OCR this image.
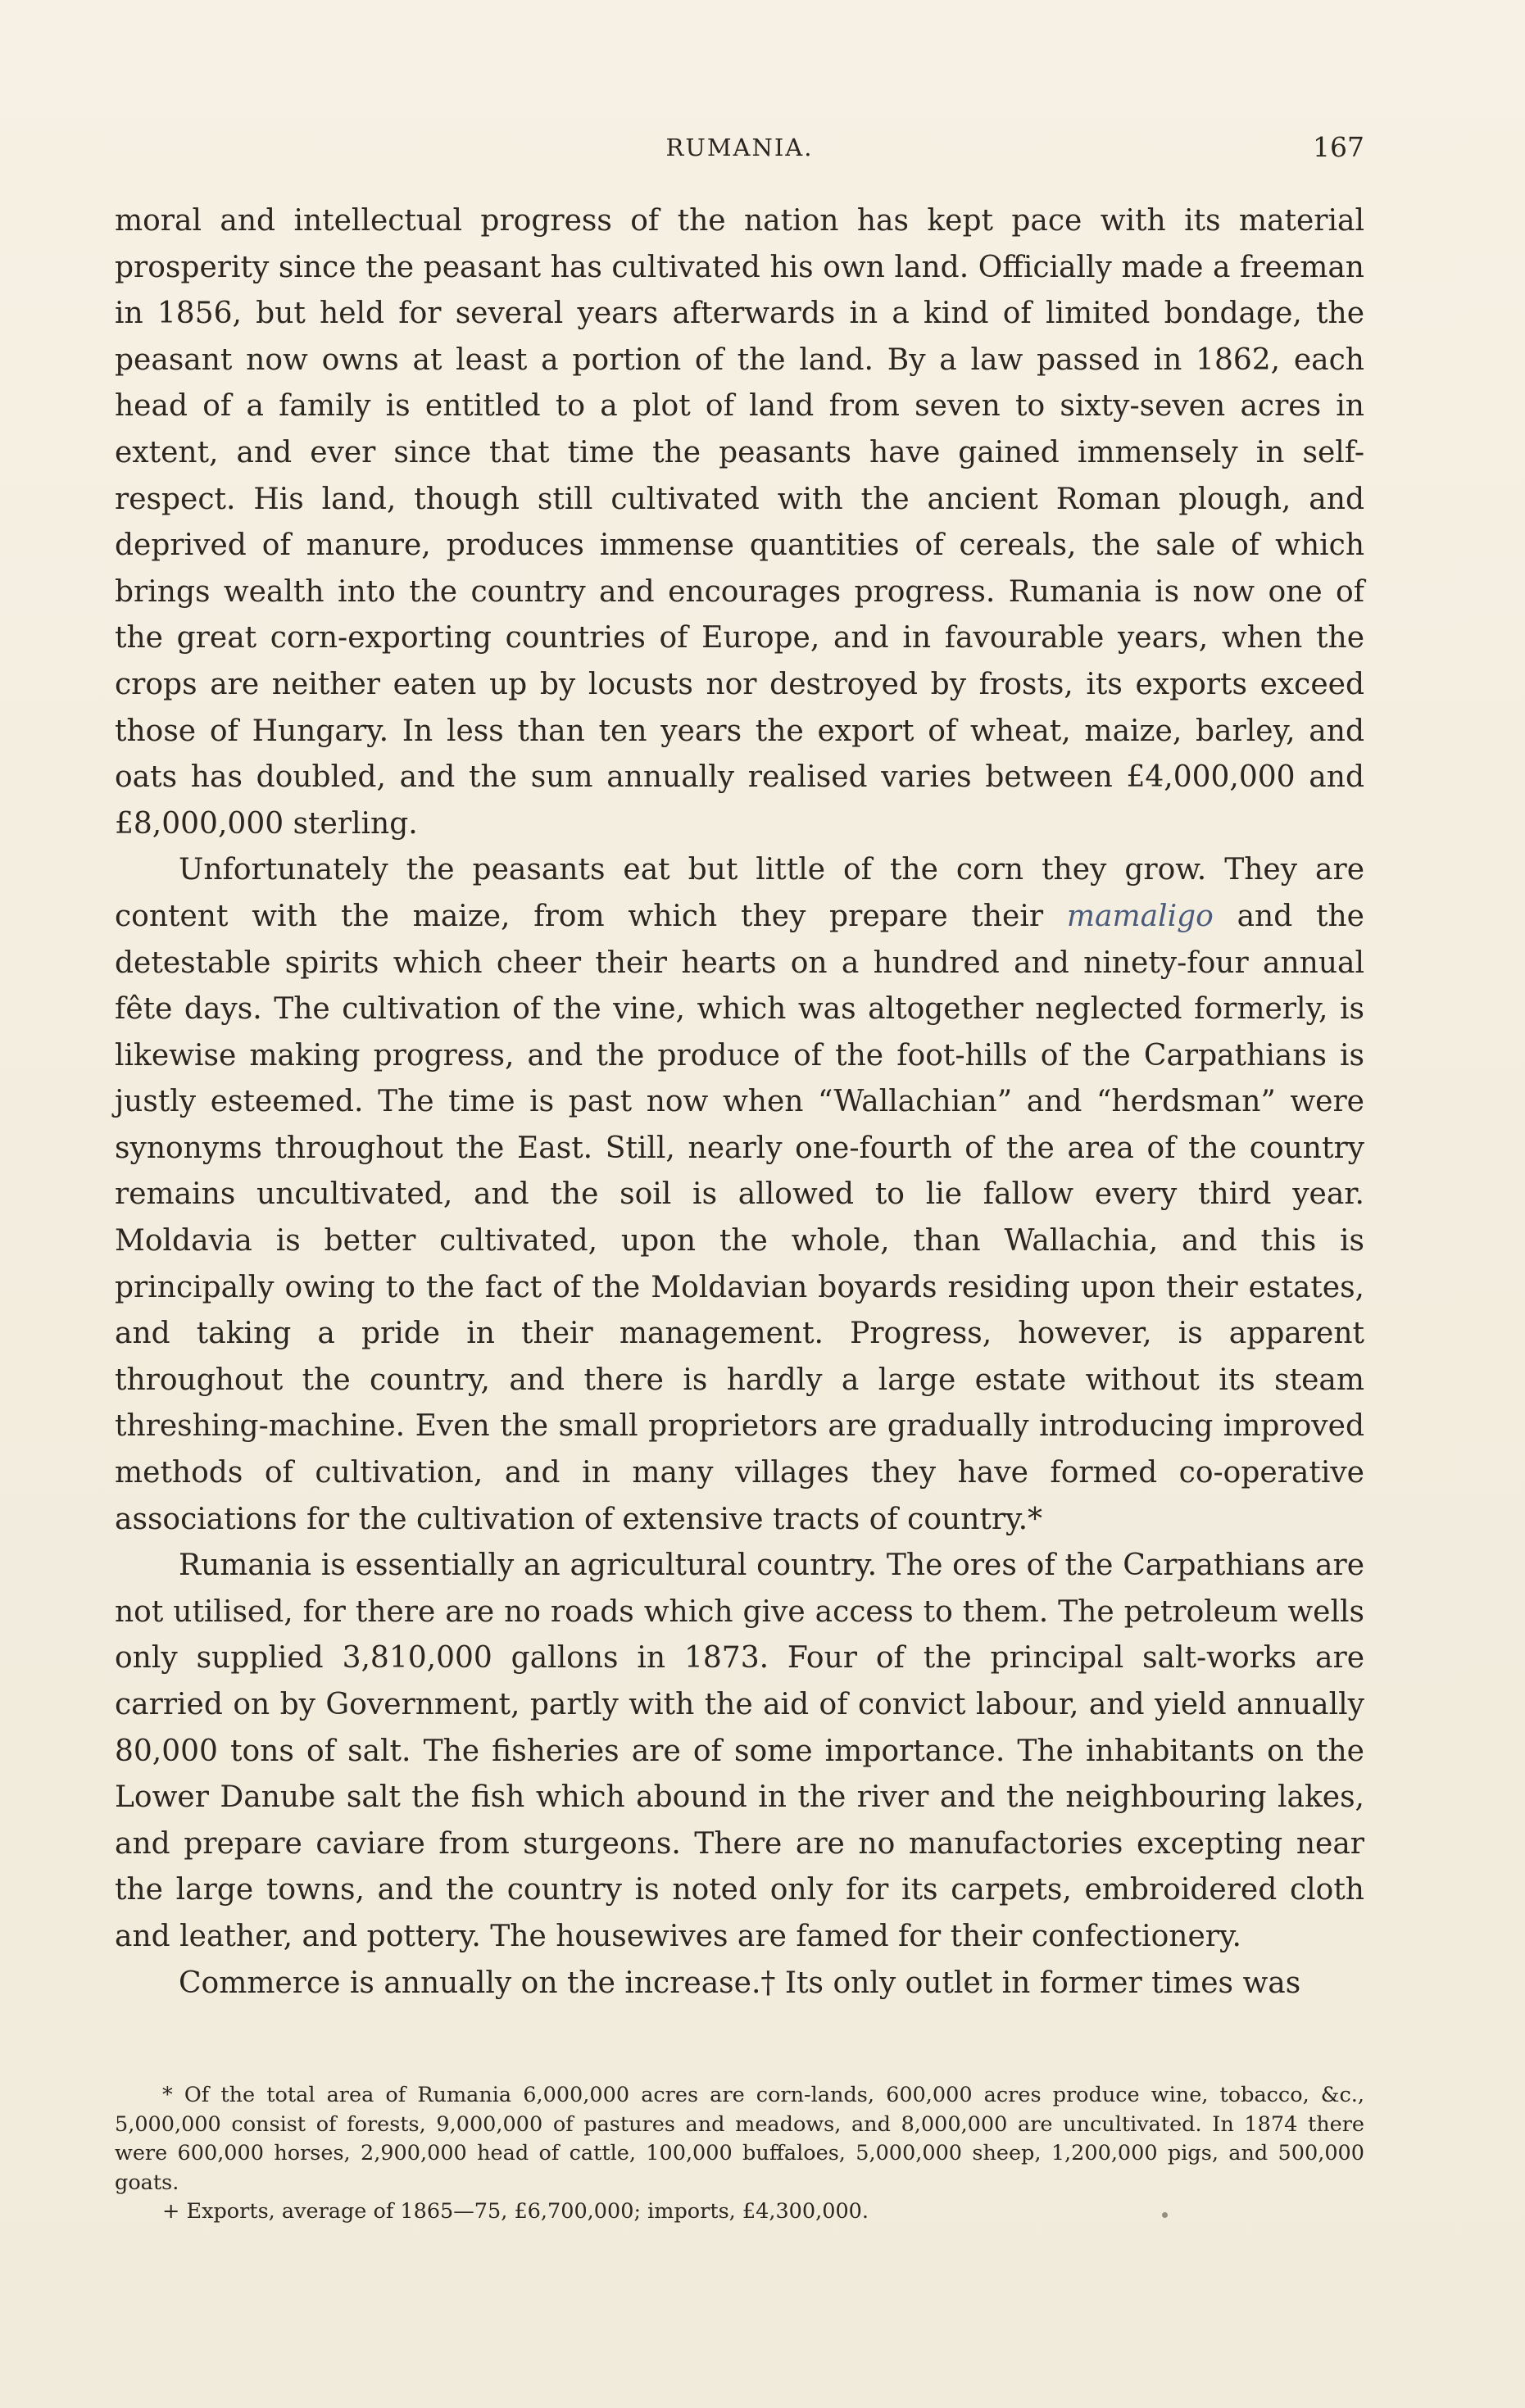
RUMANIA.	167

moral and intellectual progress of the nation has kept pace with its material prosperity since the peasant has cultivated his own land. Officially made a freeman in 1856, but held for several years afterwards in a kind of limited bondage, the peasant now owns at least a portion of the land. By a law passed in 1862, each head of a family is entitled to a plot of land from seven to sixty-seven acres in extent, and ever since that time the peasants have gained immensely in self-respect. His land, though still cultivated with the ancient Roman plough, and deprived of manure, produces immense quantities of cereals, the sale of which brings wealth into the country and encourages progress. Rumania is now one of the great corn-exporting countries of Europe, and in favourable years, when the crops are neither eaten up by locusts nor destroyed by frosts, its exports exceed those of Hungary. In less than ten years the export of wheat, maize, barley, and oats has doubled, and the sum annually realised varies between £4,000,000 and £8,000,000 sterling.

Unfortunately the peasants eat but little of the corn they grow. They are content with the maize, from which they prepare their mamaligo and the detestable spirits which cheer their hearts on a hundred and ninety-four annual fête days. The cultivation of the vine, which was altogether neglected formerly, is likewise making progress, and the produce of the foot-hills of the Carpathians is justly esteemed. The time is past now when “Wallachian” and “herdsman” were synonyms throughout the East. Still, nearly one-fourth of the area of the country remains uncultivated, and the soil is allowed to lie fallow every third year. Moldavia is better cultivated, upon the whole, than Wallachia, and this is principally owing to the fact of the Moldavian boyards residing upon their estates, and taking a pride in their management. Progress, however, is apparent throughout the country, and there is hardly a large estate without its steam threshing-machine. Even the small proprietors are gradually introducing improved methods of cultivation, and in many villages they have formed co-operative associations for the cultivation of extensive tracts of country.*

Rumania is essentially an agricultural country. The ores of the Carpathians are not utilised, for there are no roads which give access to them. The petroleum wells only supplied 3,810,000 gallons in 1873. Four of the principal salt-works are carried on by Government, partly with the aid of convict labour, and yield annually 80,000 tons of salt. The fisheries are of some importance. The inhabitants on the Lower Danube salt the fish which abound in the river and the neighbouring lakes, and prepare caviare from sturgeons. There are no manufactories excepting near the large towns, and the country is noted only for its carpets, embroidered cloth and leather, and pottery. The housewives are famed for their confectionery.

Commerce is annually on the increase.† Its only outlet in former times was

* Of the total area of Rumania 6,000,000 acres are corn-lands, 600,000 acres produce wine, tobacco, &c., 5,000,000 consist of forests, 9,000,000 of pastures and meadows, and 8,000,000 are uncultivated. In 1874 there were 600,000 horses, 2,900,000 head of cattle, 100,000 buffaloes, 5,000,000 sheep, 1,200,000 pigs, and 500,000 goats.

+ Exports, average of 1865—75, £6,700,000; imports, £4,300,000.
